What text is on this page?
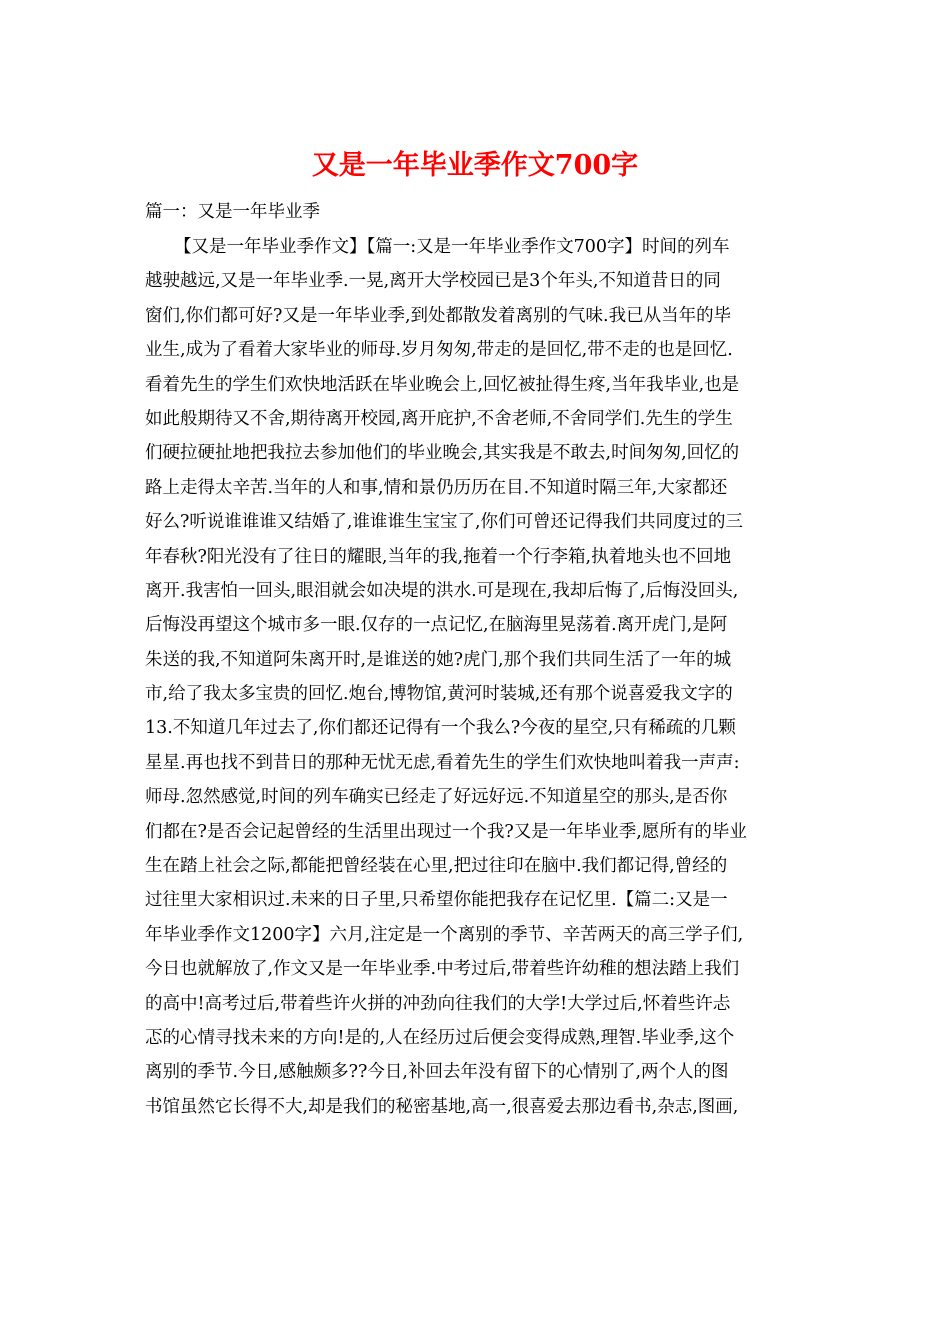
又是一年毕业季作文700字

篇一：又是一年毕业季

【又是一年毕业季作文】【篇一:又是一年毕业季作文700字】时间的列车
越驶越远,又是一年毕业季.一晃,离开大学校园已是3个年头,不知道昔日的同
窗们,你们都可好?又是一年毕业季,到处都散发着离别的气味.我已从当年的毕
业生,成为了看着大家毕业的师母.岁月匆匆,带走的是回忆,带不走的也是回忆.
看着先生的学生们欢快地活跃在毕业晚会上,回忆被扯得生疼,当年我毕业,也是
如此般期待又不舍,期待离开校园,离开庇护,不舍老师,不舍同学们.先生的学生
们硬拉硬扯地把我拉去参加他们的毕业晚会,其实我是不敢去,时间匆匆,回忆的
路上走得太辛苦.当年的人和事,情和景仍历历在目.不知道时隔三年,大家都还
好么?听说谁谁谁又结婚了,谁谁谁生宝宝了,你们可曾还记得我们共同度过的三
年春秋?阳光没有了往日的耀眼,当年的我,拖着一个行李箱,执着地头也不回地
离开.我害怕一回头,眼泪就会如决堤的洪水.可是现在,我却后悔了,后悔没回头,
后悔没再望这个城市多一眼.仅存的一点记忆,在脑海里晃荡着.离开虎门,是阿
朱送的我,不知道阿朱离开时,是谁送的她?虎门,那个我们共同生活了一年的城
市,给了我太多宝贵的回忆.炮台,博物馆,黄河时装城,还有那个说喜爱我文字的
13.不知道几年过去了,你们都还记得有一个我么?今夜的星空,只有稀疏的几颗
星星.再也找不到昔日的那种无忧无虑,看着先生的学生们欢快地叫着我一声声:
师母.忽然感觉,时间的列车确实已经走了好远好远.不知道星空的那头,是否你
们都在?是否会记起曾经的生活里出现过一个我?又是一年毕业季,愿所有的毕业
生在踏上社会之际,都能把曾经装在心里,把过往印在脑中.我们都记得,曾经的
过往里大家相识过.未来的日子里,只希望你能把我存在记忆里.【篇二:又是一
年毕业季作文1200字】六月,注定是一个离别的季节、辛苦两天的高三学子们,
今日也就解放了,作文又是一年毕业季.中考过后,带着些许幼稚的想法踏上我们
的高中!高考过后,带着些许火拼的冲劲向往我们的大学!大学过后,怀着些许忐
忑的心情寻找未来的方向!是的,人在经历过后便会变得成熟,理智.毕业季,这个
离别的季节.今日,感触颇多??今日,补回去年没有留下的心情别了,两个人的图
书馆虽然它长得不大,却是我们的秘密基地,高一,很喜爱去那边看书,杂志,图画,
